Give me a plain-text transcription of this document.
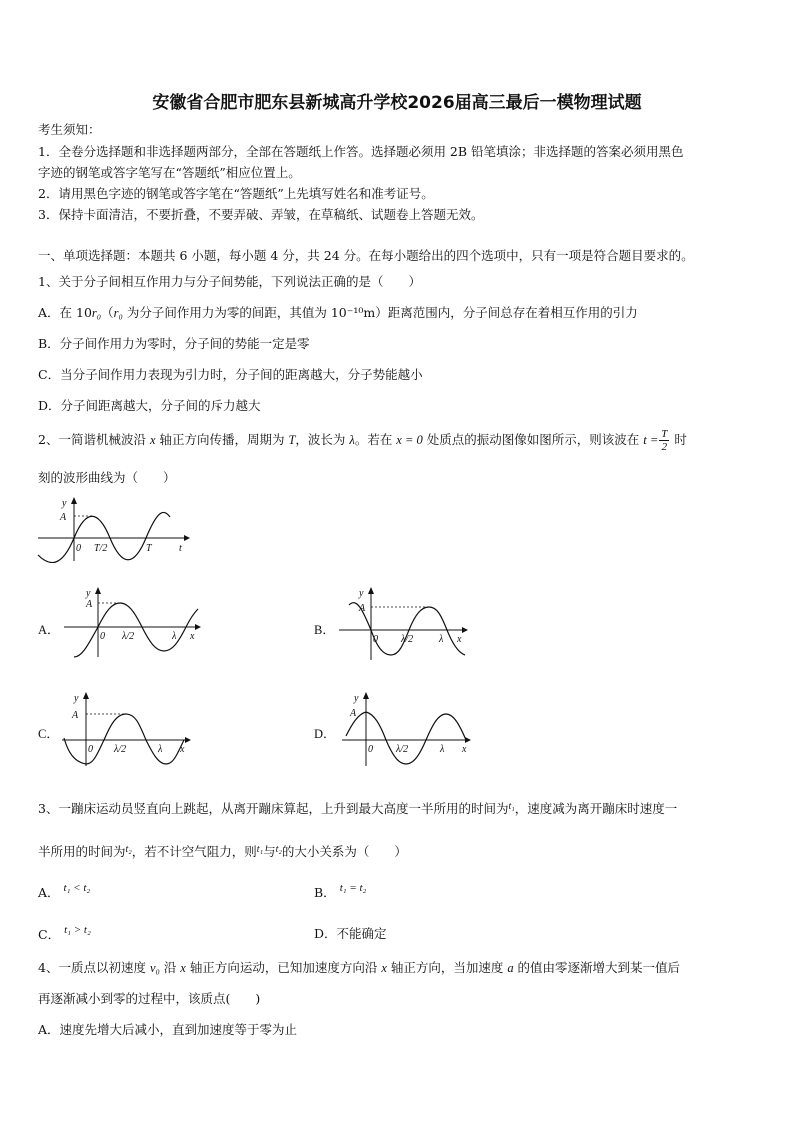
安徽省合肥市肥东县新城高升学校2026届高三最后一模物理试题
考生须知：
1．全卷分选择题和非选择题两部分，全部在答题纸上作答。选择题必须用 2B 铅笔填涂；非选择题的答案必须用黑色
字迹的钢笔或答字笔写在“答题纸”相应位置上。
2．请用黑色字迹的钢笔或答字笔在“答题纸”上先填写姓名和准考证号。
3．保持卡面清洁，不要折叠，不要弄破、弄皱，在草稿纸、试题卷上答题无效。
一、单项选择题：本题共 6 小题，每小题 4 分，共 24 分。在每小题给出的四个选项中，只有一项是符合题目要求的。
1、关于分子间相互作用力与分子间势能，下列说法正确的是（　　）
A．在 10r₀（r₀ 为分子间作用力为零的间距，其值为 10⁻¹⁰m）距离范围内，分子间总存在着相互作用的引力
B．分子间作用力为零时，分子间的势能一定是零
C．当分子间作用力表现为引力时，分子间的距离越大，分子势能越小
D．分子间距离越大，分子间的斥力越大
2、一简谐机械波沿 x 轴正方向传播，周期为 T，波长为 λ。若在 x = 0 处质点的振动图像如图所示，则该波在 $t = \frac{T}{2}$ 时
刻的波形曲线为（　　）
y
A
0 T/2	T	t
A．
y
A
0 λ/2	λ x	B．
y
A
0 λ/2	λ x
C．
y
A
0 λ/2	λ x
D．
y
A
0 λ/2	λ x
3、一蹦床运动员竖直向上跳起，从离开蹦床算起，上升到最大高度一半所用的时间为$^{t_1}$，速度减为离开蹦床时速度一
半所用的时间为$^{t_2}$，若不计空气阻力，则$^{t_1}$与$^{t_2}$的大小关系为（　　）
A． t₁ < t₂	B． t₁ = t₂
C． t₁ > t₂	D．不能确定
4、一质点以初速度 v₀ 沿 x 轴正方向运动，已知加速度方向沿 x 轴正方向，当加速度 a 的值由零逐渐增大到某一值后
再逐渐减小到零的过程中，该质点(　　)
A．速度先增大后减小，直到加速度等于零为止
